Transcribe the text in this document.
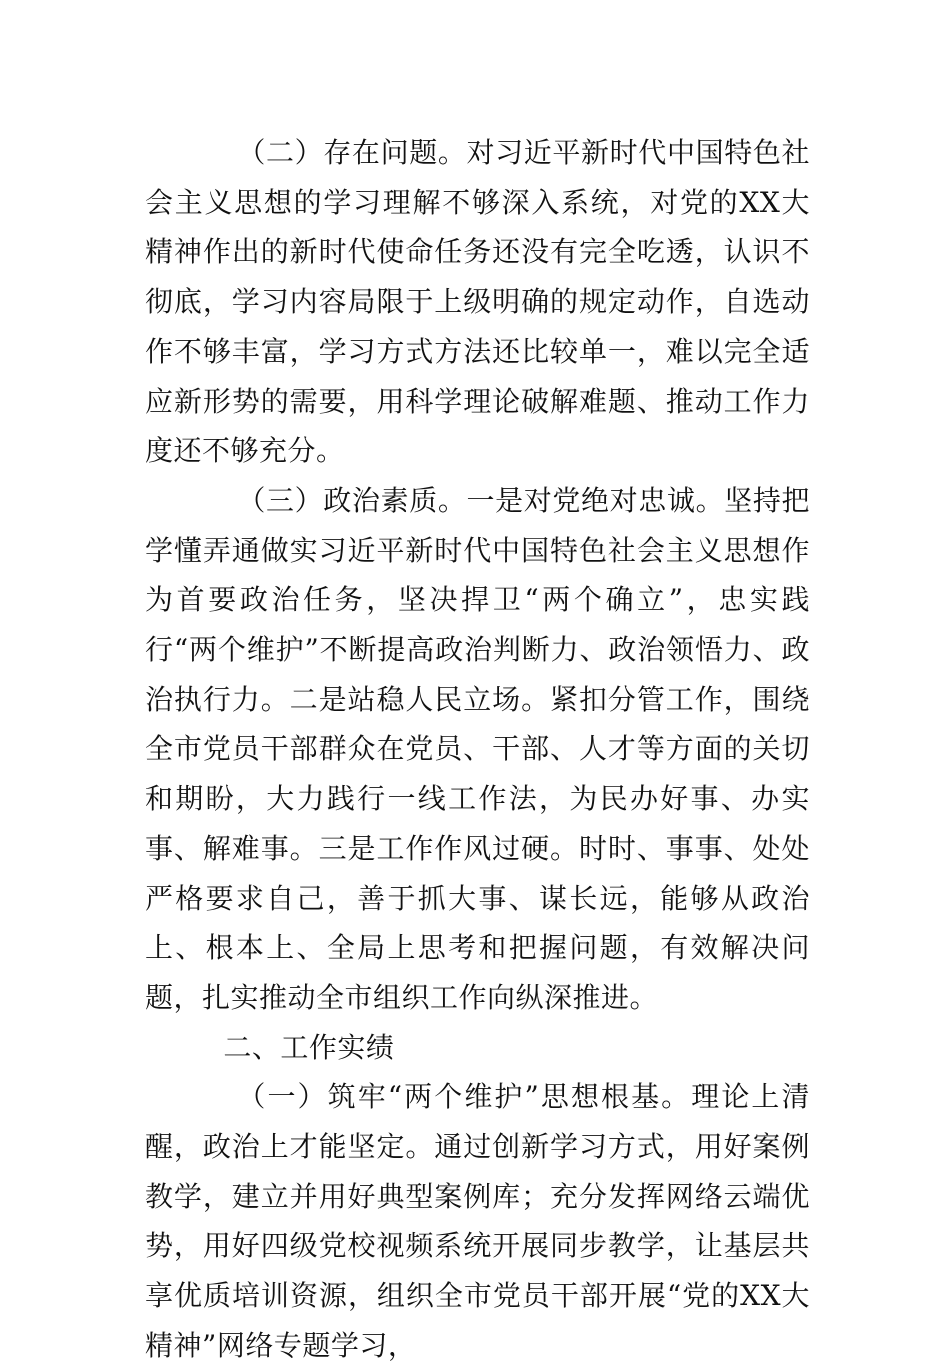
（二）存在问题。对习近平新时代中国特色社会主义思想的学习理解不够深入系统，对党的XX大精神作出的新时代使命任务还没有完全吃透，认识不彻底，学习内容局限于上级明确的规定动作，自选动作不够丰富，学习方式方法还比较单一，难以完全适应新形势的需要，用科学理论破解难题、推动工作力度还不够充分。

（三）政治素质。一是对党绝对忠诚。坚持把学懂弄通做实习近平新时代中国特色社会主义思想作为首要政治任务，坚决捍卫“两个确立”，忠实践行“两个维护”不断提高政治判断力、政治领悟力、政治执行力。二是站稳人民立场。紧扣分管工作，围绕全市党员干部群众在党员、干部、人才等方面的关切和期盼，大力践行一线工作法，为民办好事、办实事、解难事。三是工作作风过硬。时时、事事、处处严格要求自己，善于抓大事、谋长远，能够从政治上、根本上、全局上思考和把握问题，有效解决问题，扎实推动全市组织工作向纵深推进。

二、工作实绩

（一）筑牢“两个维护”思想根基。理论上清醒，政治上才能坚定。通过创新学习方式，用好案例教学，建立并用好典型案例库；充分发挥网络云端优势，用好四级党校视频系统开展同步教学，让基层共享优质培训资源，组织全市党员干部开展“党的XX大精神”网络专题学习，
